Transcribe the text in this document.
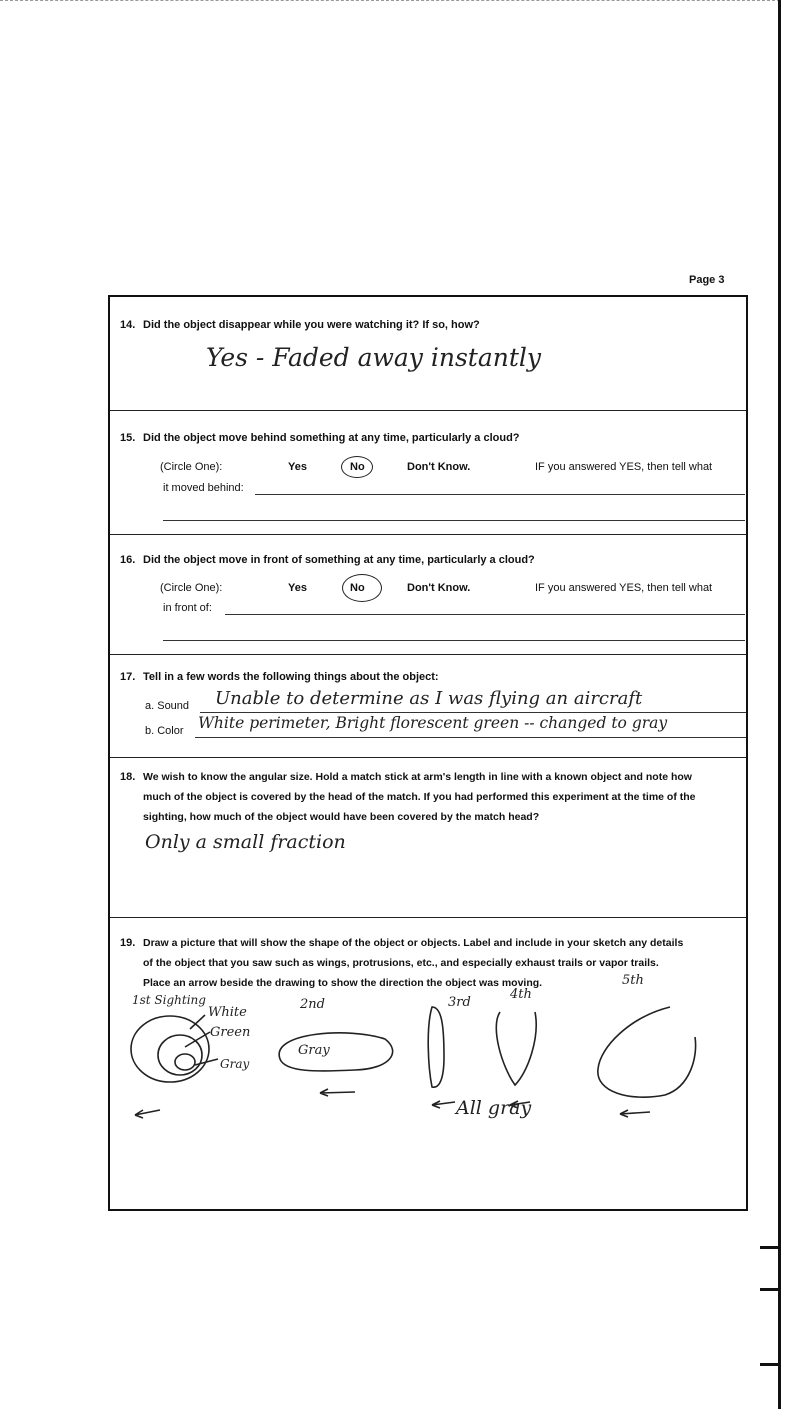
Page 3
14. Did the object disappear while you were watching it? If so, how?
Yes - Faded away instantly
15. Did the object move behind something at any time, particularly a cloud?
(Circle One):	Yes	No	Don't Know.	IF you answered YES, then tell what
it moved behind:
16. Did the object move in front of something at any time, particularly a cloud?
(Circle One):	Yes	No	Don't Know.	IF you answered YES, then tell what
in front of:
17. Tell in a few words the following things about the object:
a. Sound Unable to determine as I was flying an aircraft
b. Color White perimeter, Bright florescent green -- changed to gray
18. We wish to know the angular size. Hold a match stick at arm's length in line with a known object and note how
much of the object is covered by the head of the match. If you had performed this experiment at the time of the
sighting, how much of the object would have been covered by the match head?
Only a small fraction
19. Draw a picture that will show the shape of the object or objects. Label and include in your sketch any details
of the object that you saw such as wings, protrusions, etc., and especially exhaust trails or vapor trails.
Place an arrow beside the drawing to show the direction the object was moving.
1st Sighting
White
Green
Gray
2nd
Gray
3rd
4th
5th
All gray
